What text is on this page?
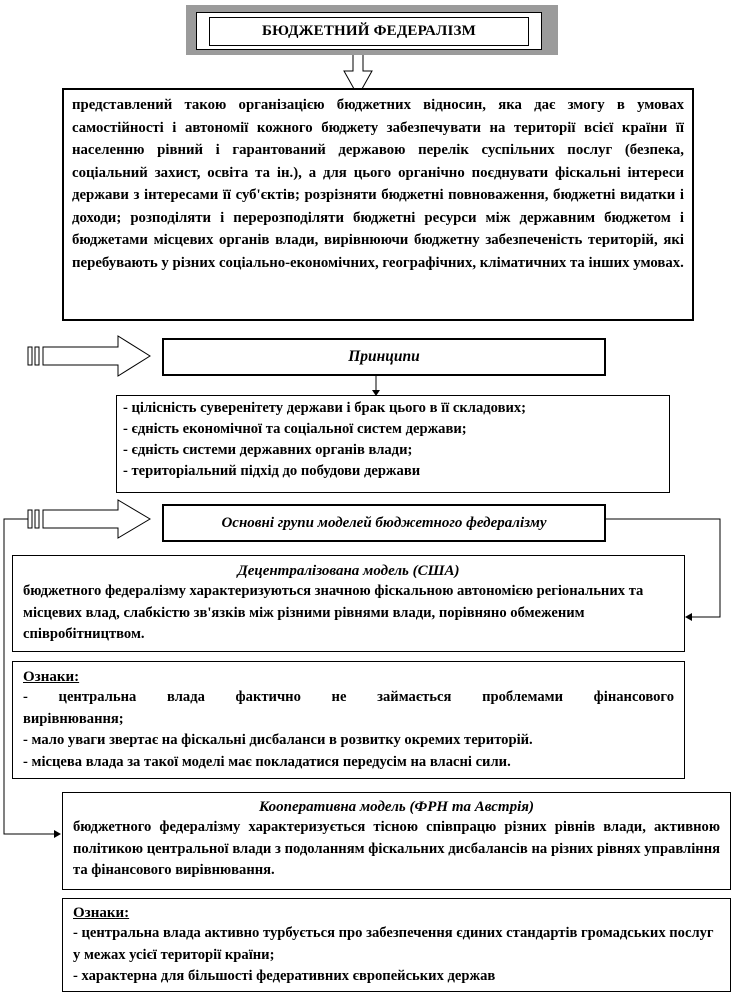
БЮДЖЕТНИЙ ФЕДЕРАЛІЗМ
представлений такою організацією бюджетних відносин, яка дає змогу в умовах самостійності і автономії кожного бюджету забезпечувати на території всієї країни її населенню рівний і гарантований державою перелік суспільних послуг (безпека, соціальний захист, освіта та ін.), а для цього органічно поєднувати фіскальні інтереси держави з інтересами її суб'єктів; розрізняти бюджетні повноваження, бюджетні видатки і доходи; розподіляти і перерозподіляти бюджетні ресурси між державним бюджетом і бюджетами місцевих органів влади, вирівнюючи бюджетну забезпеченість територій, які перебувають у різних соціально-економічних, географічних, кліматичних та інших умовах.
Принципи
- цілісність суверенітету держави і брак цього в її складових;
- єдність економічної та соціальної систем держави;
- єдність системи державних органів влади;
- територіальний підхід до побудови держави
Основні групи моделей бюджетного федералізму
Децентралізована модель (США)
бюджетного федералізму характеризуються значною фіскальною автономією регіональних та місцевих влад, слабкістю зв'язків між різними рівнями влади, порівняно обмеженим співробітництвом.
Ознаки:
- центральна влада фактично не займається проблемами фінансового вирівнювання;
- мало уваги звертає на фіскальні дисбаланси в розвитку окремих територій.
- місцева влада за такої моделі має покладатися передусім на власні сили.
Кооперативна модель (ФРН та Австрія)
бюджетного федералізму характеризується тісною співпрацю різних рівнів влади, активною політикою центральної влади з подоланням фіскальних дисбалансів на різних рівнях управління та фінансового вирівнювання.
Ознаки:
- центральна влада активно турбується про забезпечення єдиних стандартів громадських послуг у межах усієї території країни;
- характерна для більшості федеративних європейських держав
